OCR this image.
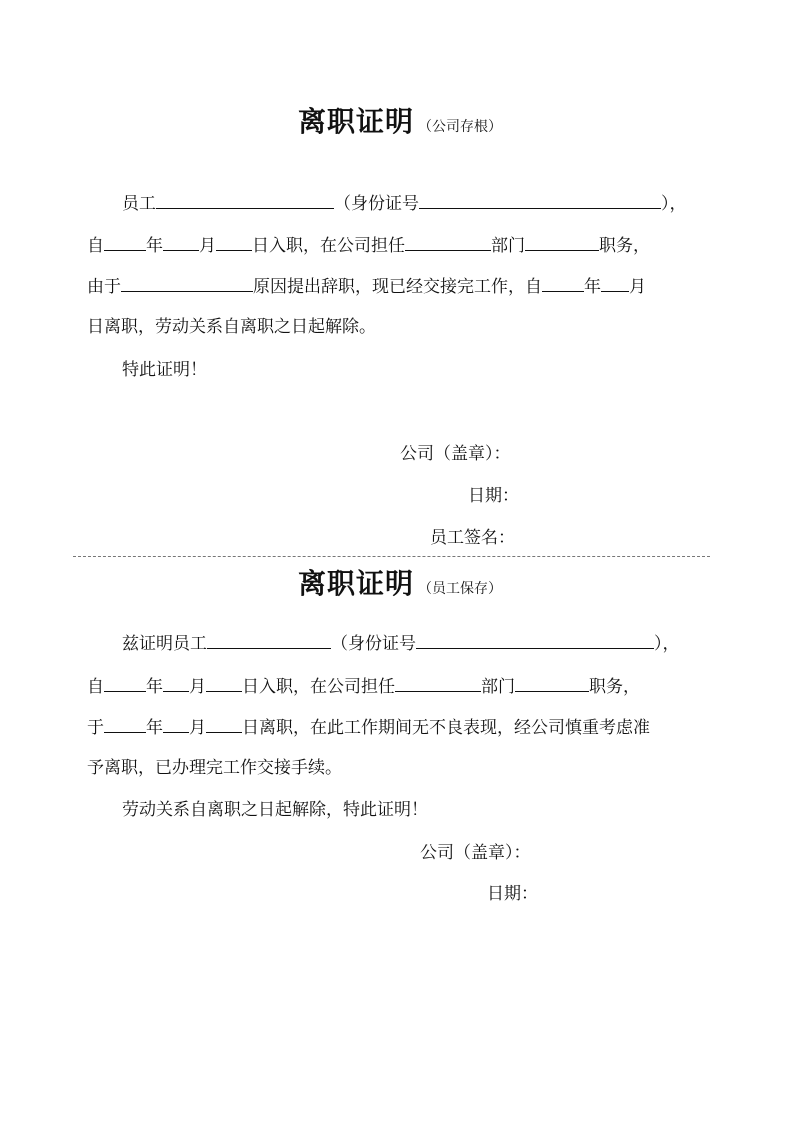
离职证明 （公司存根）
员工	（身份证号	），
自 年 月 日入职，在公司担任	部门	职务，
由于	原因提出辞职，现已经交接完工作，自 年 月
日离职，劳动关系自离职之日起解除。
特此证明！
公司（盖章）：
日期：
员工签名：
离职证明 （员工保存）
兹证明员工	（身份证号	），
自 年 月 日入职，在公司担任	部门	职务，
于 年 月 日离职，在此工作期间无不良表现，经公司慎重考虑准
予离职，已办理完工作交接手续。
劳动关系自离职之日起解除，特此证明！
公司（盖章）：
日期：
